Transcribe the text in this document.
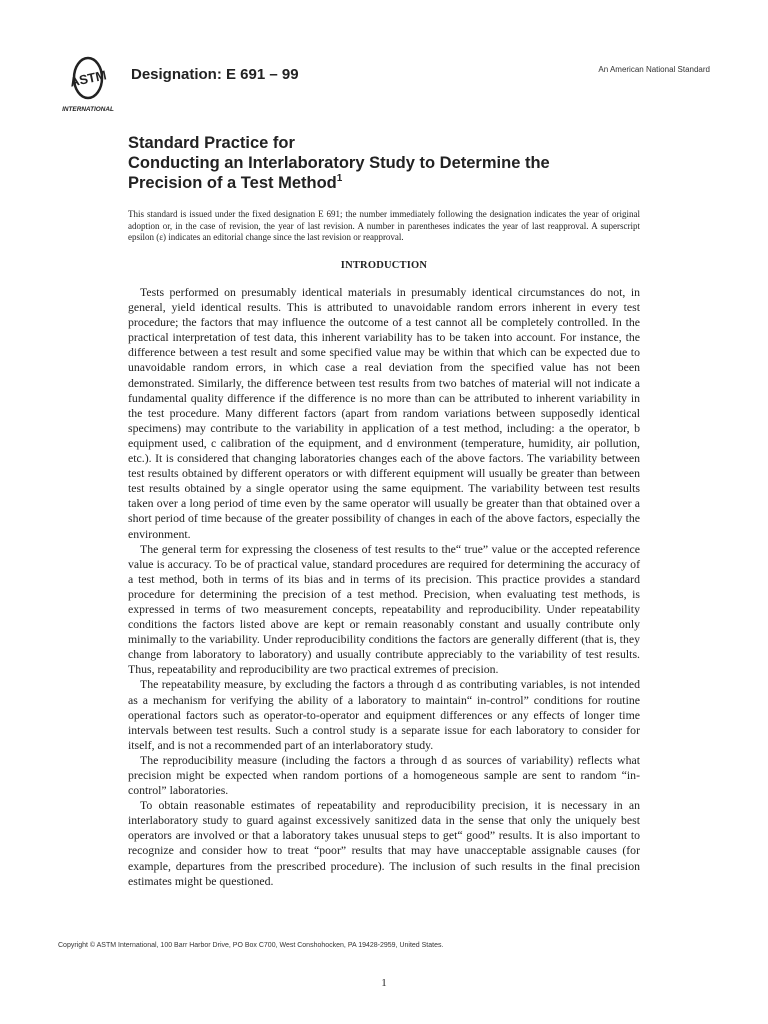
ASTM
INTERNATIONAL
Designation: E 691 – 99	An American National Standard
Standard Practice for
Conducting an Interlaboratory Study to Determine the
Precision of a Test Method$^1$
This standard is issued under the fixed designation E 691; the number immediately following the designation indicates the year of original adoption or, in the case of revision, the year of last revision. A number in parentheses indicates the year of last reapproval. A superscript epsilon (ε) indicates an editorial change since the last revision or reapproval.
INTRODUCTION

Tests performed on presumably identical materials in presumably identical circumstances do not, in general, yield identical results. This is attributed to unavoidable random errors inherent in every test procedure; the factors that may influence the outcome of a test cannot all be completely controlled. In the practical interpretation of test data, this inherent variability has to be taken into account. For instance, the difference between a test result and some specified value may be within that which can be expected due to unavoidable random errors, in which case a real deviation from the specified value has not been demonstrated. Similarly, the difference between test results from two batches of material will not indicate a fundamental quality difference if the difference is no more than can be attributed to inherent variability in the test procedure. Many different factors (apart from random variations between supposedly identical specimens) may contribute to the variability in application of a test method, including: a the operator, b equipment used, c calibration of the equipment, and d environment (temperature, humidity, air pollution, etc.). It is considered that changing laboratories changes each of the above factors. The variability between test results obtained by different operators or with different equipment will usually be greater than between test results obtained by a single operator using the same equipment. The variability between test results taken over a long period of time even by the same operator will usually be greater than that obtained over a short period of time because of the greater possibility of changes in each of the above factors, especially the environment.

The general term for expressing the closeness of test results to the“ true” value or the accepted reference value is accuracy. To be of practical value, standard procedures are required for determining the accuracy of a test method, both in terms of its bias and in terms of its precision. This practice provides a standard procedure for determining the precision of a test method. Precision, when evaluating test methods, is expressed in terms of two measurement concepts, repeatability and reproducibility. Under repeatability conditions the factors listed above are kept or remain reasonably constant and usually contribute only minimally to the variability. Under reproducibility conditions the factors are generally different (that is, they change from laboratory to laboratory) and usually contribute appreciably to the variability of test results. Thus, repeatability and reproducibility are two practical extremes of precision.

The repeatability measure, by excluding the factors a through d as contributing variables, is not intended as a mechanism for verifying the ability of a laboratory to maintain“ in-control” conditions for routine operational factors such as operator-to-operator and equipment differences or any effects of longer time intervals between test results. Such a control study is a separate issue for each laboratory to consider for itself, and is not a recommended part of an interlaboratory study.

The reproducibility measure (including the factors a through d as sources of variability) reflects what precision might be expected when random portions of a homogeneous sample are sent to random “in-control” laboratories.

To obtain reasonable estimates of repeatability and reproducibility precision, it is necessary in an interlaboratory study to guard against excessively sanitized data in the sense that only the uniquely best operators are involved or that a laboratory takes unusual steps to get“ good” results. It is also important to recognize and consider how to treat “poor” results that may have unacceptable assignable causes (for example, departures from the prescribed procedure). The inclusion of such results in the final precision estimates might be questioned.

Copyright © ASTM International, 100 Barr Harbor Drive, PO Box C700, West Conshohocken, PA 19428-2959, United States.
1
